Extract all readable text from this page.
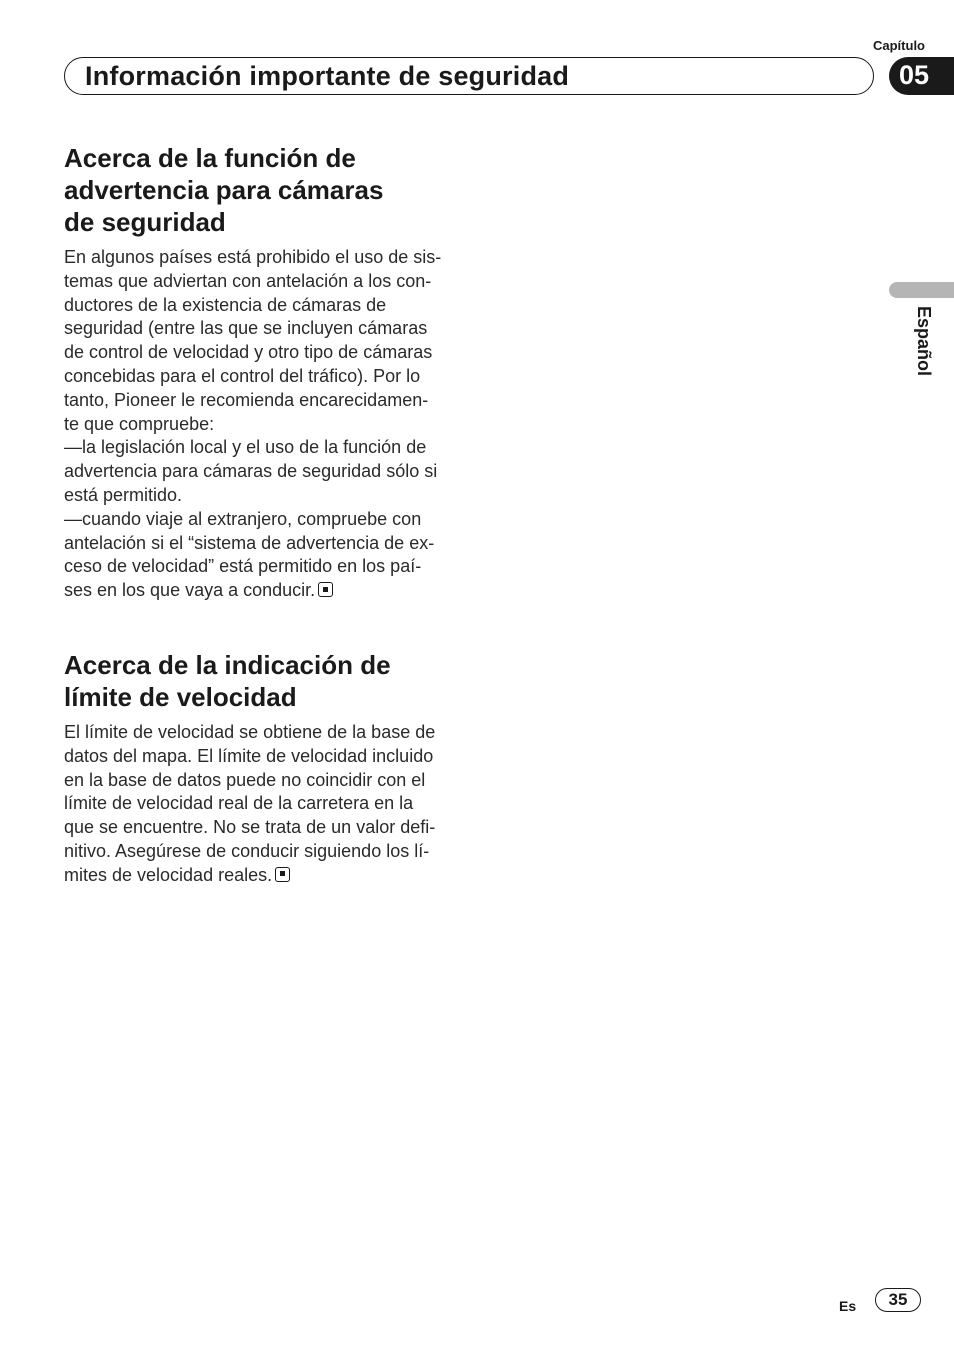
Capítulo
Información importante de seguridad	05
Español
Acerca de la función de
advertencia para cámaras
de seguridad

En algunos países está prohibido el uso de sis-
temas que adviertan con antelación a los con-
ductores de la existencia de cámaras de
seguridad (entre las que se incluyen cámaras
de control de velocidad y otro tipo de cámaras
concebidas para el control del tráfico). Por lo
tanto, Pioneer le recomienda encarecidamen-
te que compruebe:
—la legislación local y el uso de la función de
advertencia para cámaras de seguridad sólo si
está permitido.
—cuando viaje al extranjero, compruebe con
antelación si el “sistema de advertencia de ex-
ceso de velocidad” está permitido en los paí-
ses en los que vaya a conducir.

Acerca de la indicación de
límite de velocidad

El límite de velocidad se obtiene de la base de
datos del mapa. El límite de velocidad incluido
en la base de datos puede no coincidir con el
límite de velocidad real de la carretera en la
que se encuentre. No se trata de un valor defi-
nitivo. Asegúrese de conducir siguiendo los lí-
mites de velocidad reales.

Es	35
